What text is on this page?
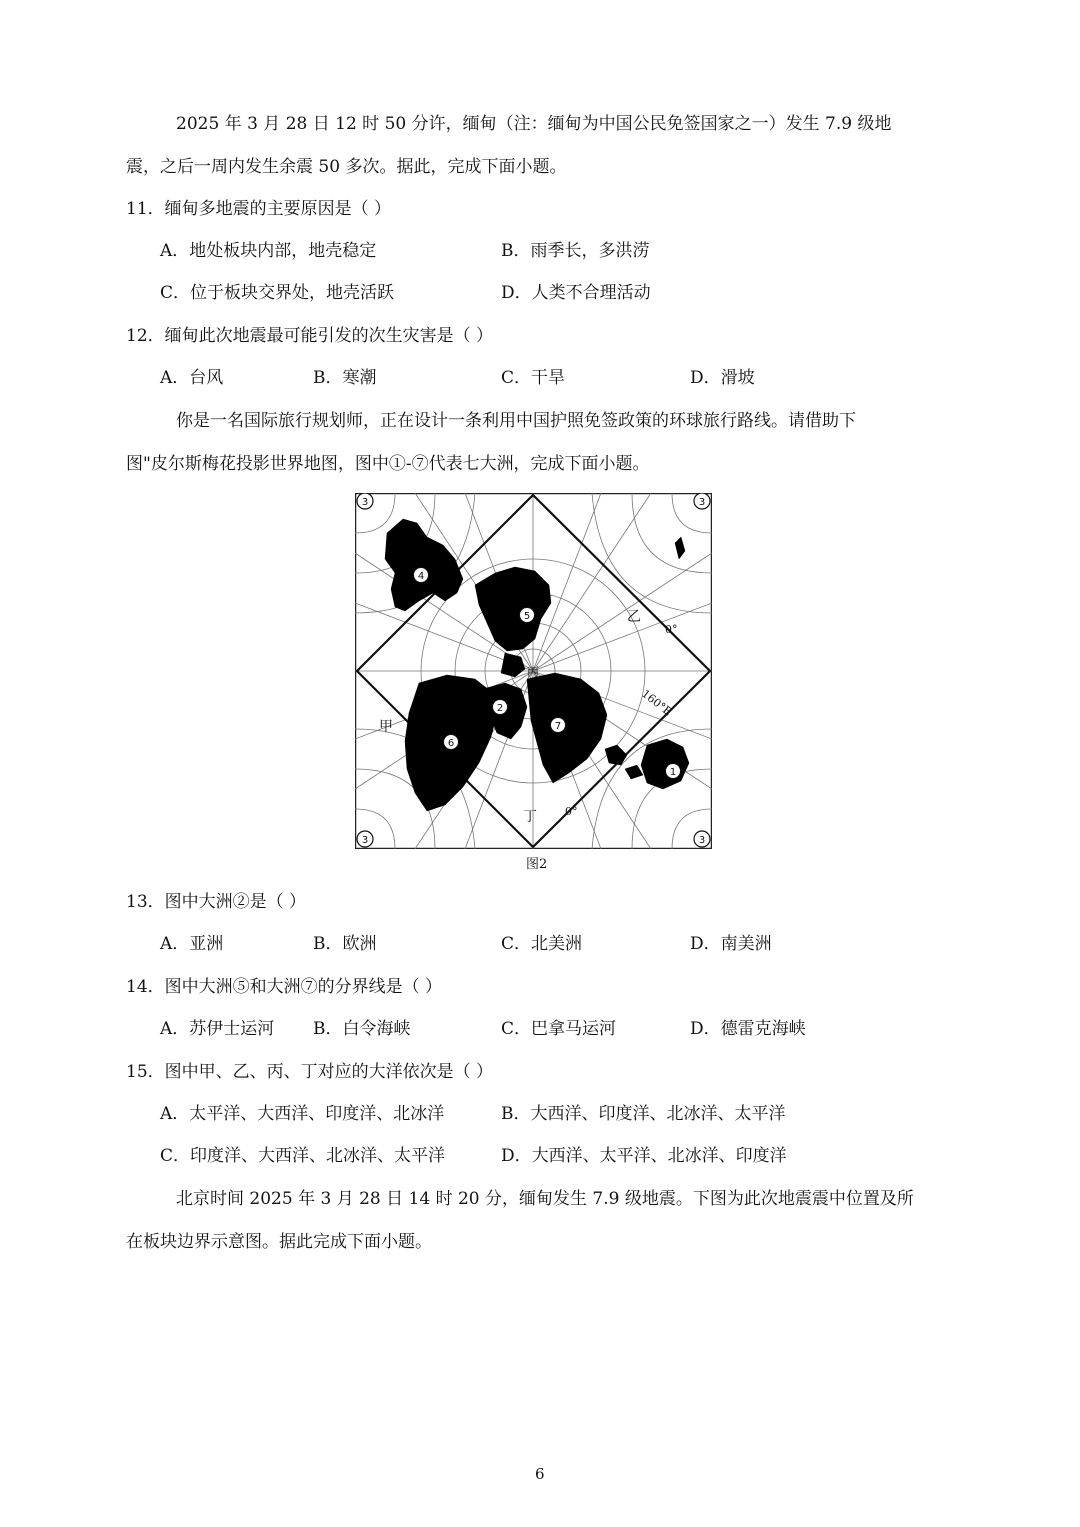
2025 年 3 月 28 日 12 时 50 分许，缅甸（注：缅甸为中国公民免签国家之一）发生 7.9 级地
震，之后一周内发生余震 50 多次。据此，完成下面小题。
11．缅甸多地震的主要原因是（ ）
A．地处板块内部，地壳稳定	B．雨季长，多洪涝
C．位于板块交界处，地壳活跃	D．人类不合理活动
12．缅甸此次地震最可能引发的次生灾害是（ ）
A．台风	B．寒潮	C．干旱	D．滑坡
你是一名国际旅行规划师，正在设计一条利用中国护照免签政策的环球旅行路线。请借助下
图"皮尔斯梅花投影世界地图，图中①-⑦代表七大洲，完成下面小题。
3	3
3	3
4
5
2
6
7
1
甲
乙
丙
丁
0°
0°
160°E
图2
13．图中大洲②是（ ）
A．亚洲	B．欧洲	C．北美洲	D．南美洲
14．图中大洲⑤和大洲⑦的分界线是（ ）
A．苏伊士运河 B．白令海峡	C．巴拿马运河	D．德雷克海峡
15．图中甲、乙、丙、丁对应的大洋依次是（ ）
A．太平洋、大西洋、印度洋、北冰洋	B．大西洋、印度洋、北冰洋、太平洋
C．印度洋、大西洋、北冰洋、太平洋	D．大西洋、太平洋、北冰洋、印度洋
北京时间 2025 年 3 月 28 日 14 时 20 分，缅甸发生 7.9 级地震。下图为此次地震震中位置及所
在板块边界示意图。据此完成下面小题。
6
